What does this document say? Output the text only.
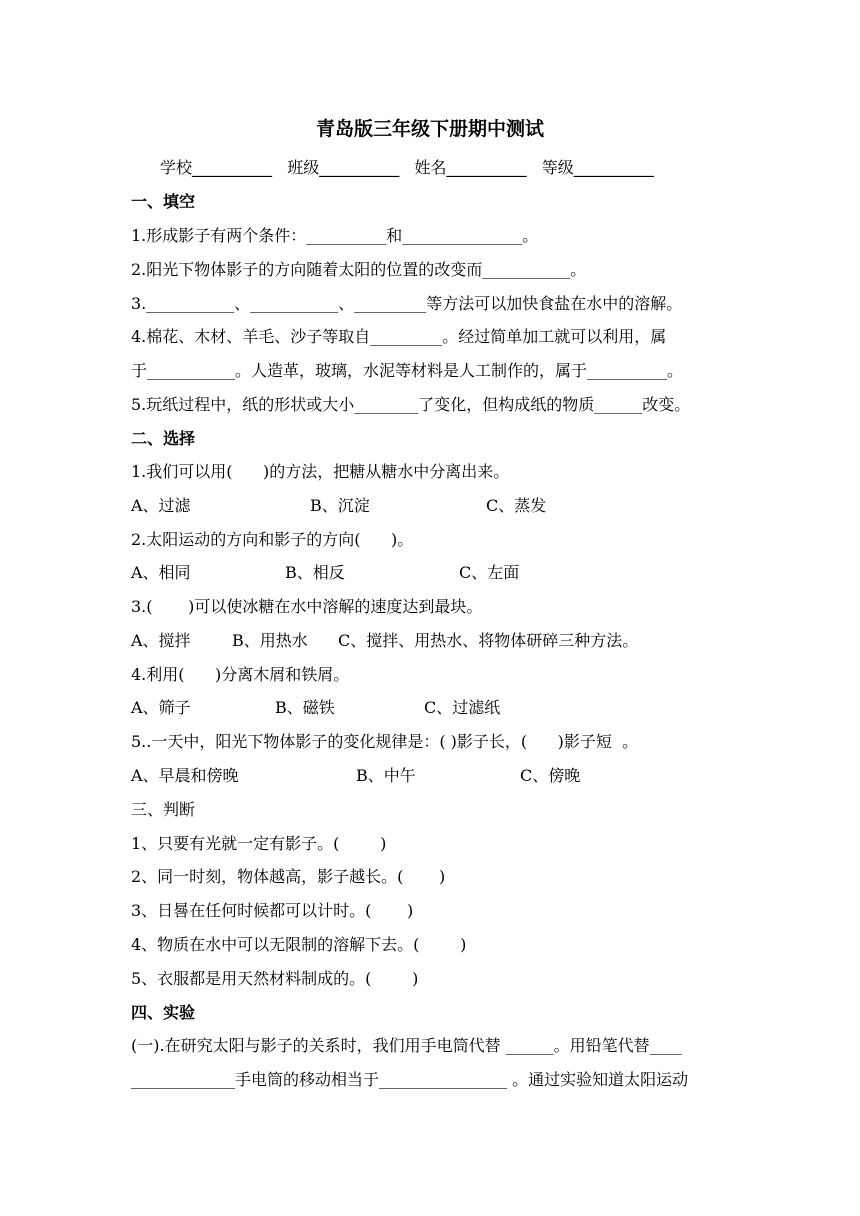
青岛版三年级下册期中测试
学校__________   班级__________   姓名__________   等级__________
一、填空
1.形成影子有两个条件：__________和_______________。
2.阳光下物体影子的方向随着太阳的位置的改变而___________。
3.___________、___________、_________等方法可以加快食盐在水中的溶解。
4.棉花、木材、羊毛、沙子等取自_________。经过简单加工就可以利用，属
于___________。人造革，玻璃，水泥等材料是人工制作的，属于__________。
5.玩纸过程中，纸的形状或大小________了变化，但构成纸的物质______改变。
二、选择
1.我们可以用(      )的方法，把糖从糖水中分离出来。
A、过滤	B、沉淀	C、蒸发
2.太阳运动的方向和影子的方向(      )。
A、相同	B、相反	C、左面
3.(       )可以使冰糖在水中溶解的速度达到最块。
A、搅拌	B、用热水 C、搅拌、用热水、将物体研碎三种方法。
4.利用(      )分离木屑和铁屑。
A、筛子	B、磁铁	C、过滤纸
5..一天中，阳光下物体影子的变化规律是：( )影子长，(      )影子短  。
A、早晨和傍晚	B、中午	C、傍晚
三、判断
1、只要有光就一定有影子。(        )
2、同一时刻，物体越高，影子越长。(       )
3、日晷在任何时候都可以计时。(       )
4、物质在水中可以无限制的溶解下去。(        )
5、衣服都是用天然材料制成的。(        )
四、实验
(一).在研究太阳与影子的关系时，我们用手电筒代替 ______。用铅笔代替____
_____________手电筒的移动相当于________________ 。通过实验知道太阳运动
